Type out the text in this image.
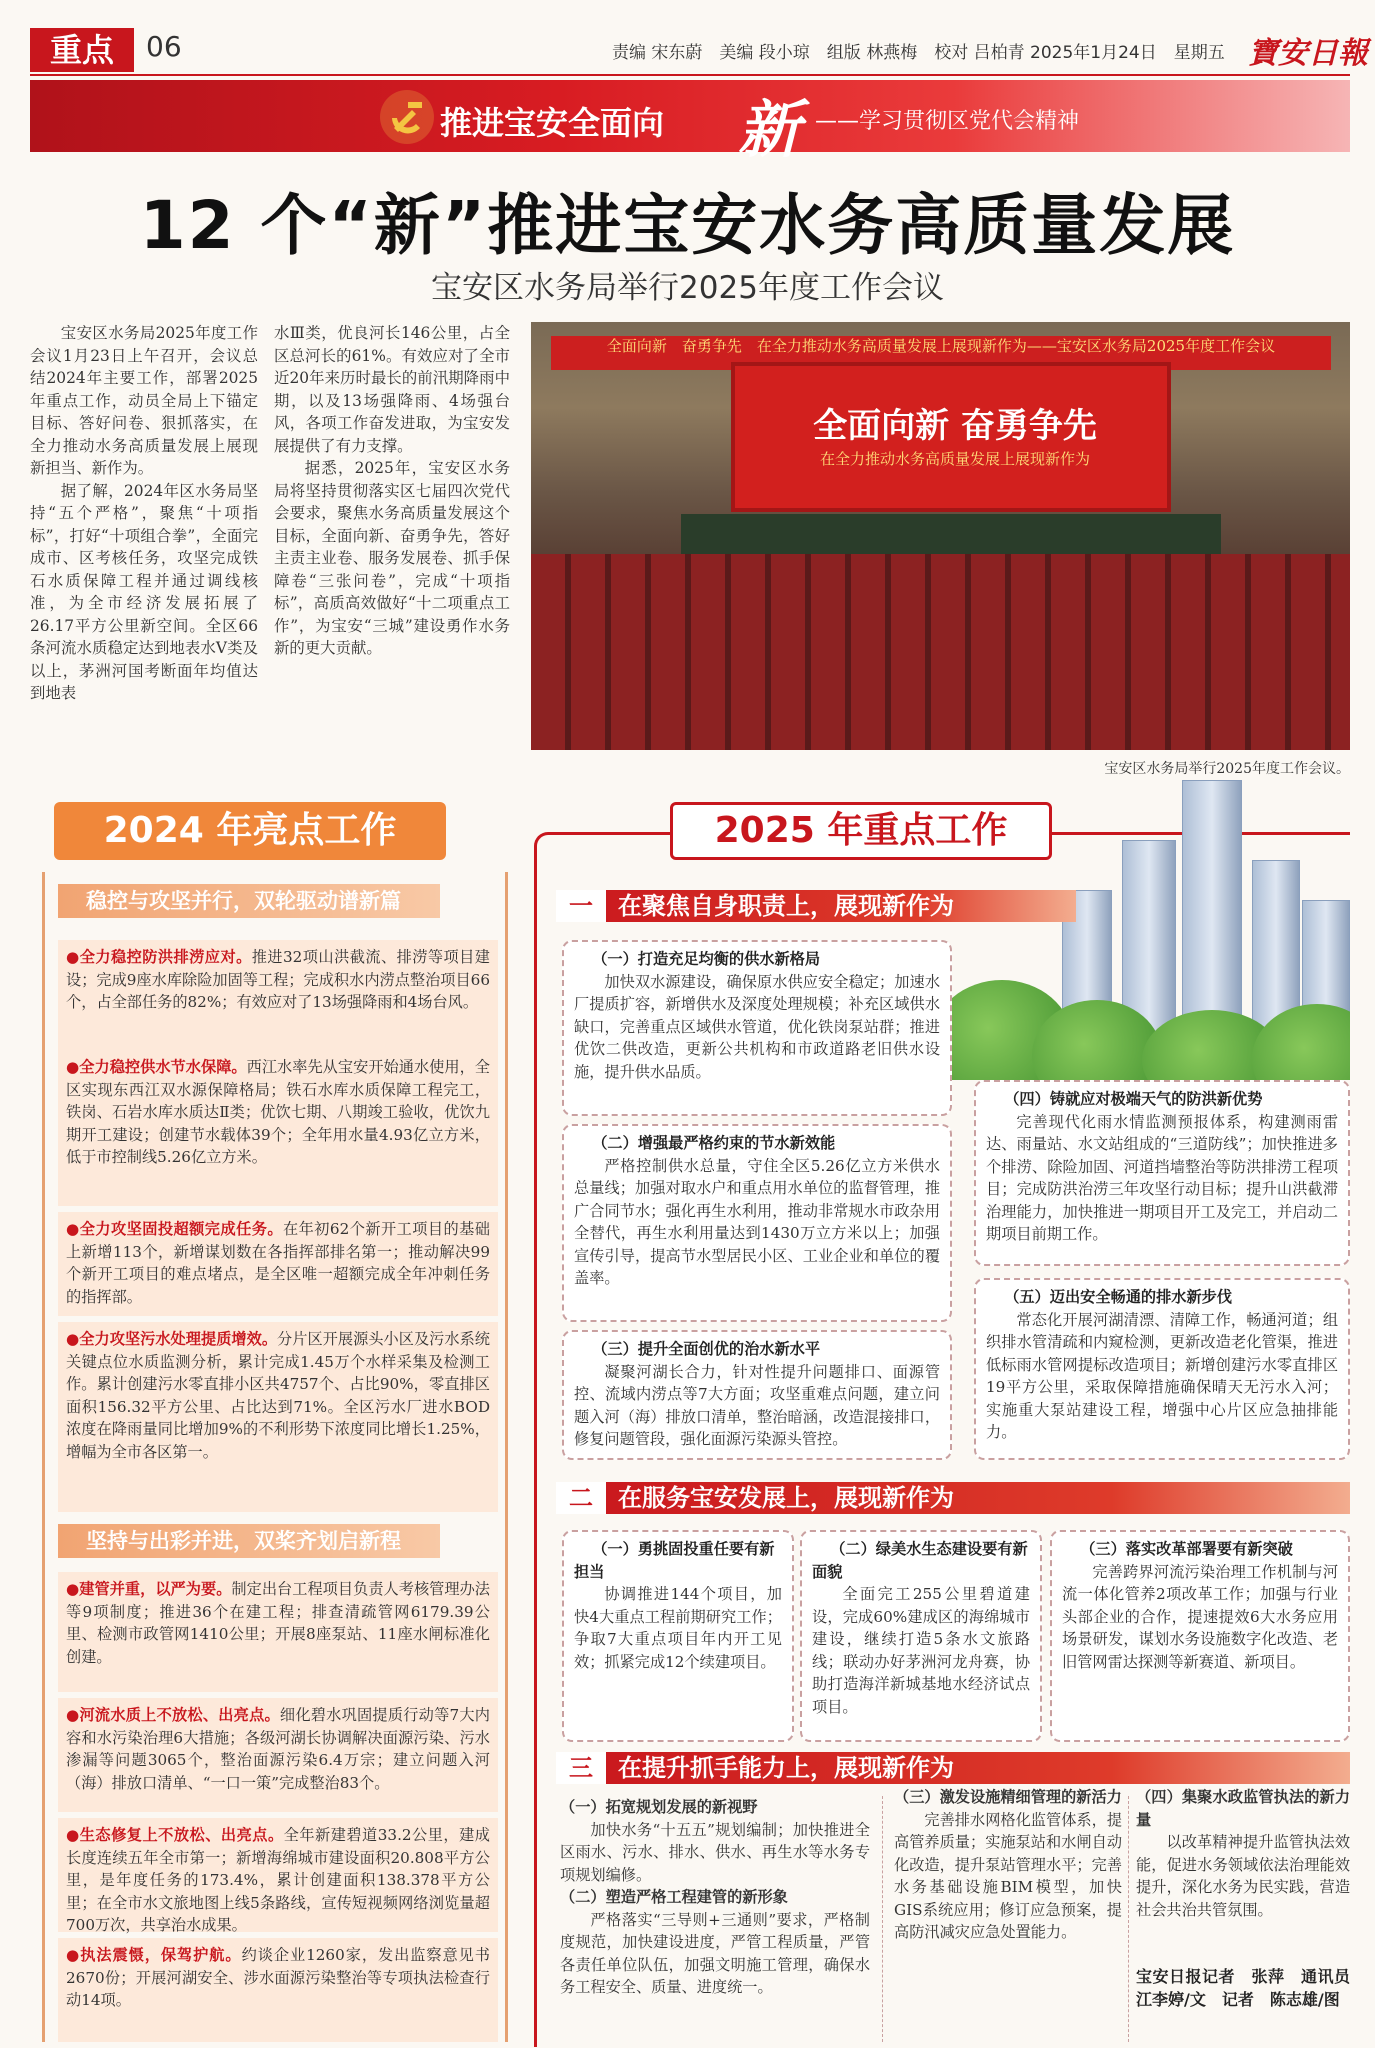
重点	06	责编 宋东蔚　美编 段小琼　组版 林燕梅　校对 吕柏青 2025年1月24日　星期五 寶安日報
推进宝安全面向 新 ——学习贯彻区党代会精神
12 个“新”推进宝安水务高质量发展
宝安区水务局举行2025年度工作会议

宝安区水务局2025年度工作会议1月23日上午召开，会议总结2024年主要工作，部署2025年重点工作，动员全局上下锚定目标、答好问卷、狠抓落实，在全力推动水务高质量发展上展现新担当、新作为。

据了解，2024年区水务局坚持“五个严格”，聚焦“十项指标”，打好“十项组合拳”，全面完成市、区考核任务，攻坚完成铁石水质保障工程并通过调线核准，为全市经济发展拓展了26.17平方公里新空间。全区66条河流水质稳定达到地表水V类及以上，茅洲河国考断面年均值达到地表

水Ⅲ类，优良河长146公里，占全区总河长的61%。有效应对了全市近20年来历时最长的前汛期降雨中期，以及13场强降雨、4场强台风，各项工作奋发进取，为宝安发展提供了有力支撑。

据悉，2025年，宝安区水务局将坚持贯彻落实区七届四次党代会要求，聚焦水务高质量发展这个目标，全面向新、奋勇争先，答好主责主业卷、服务发展卷、抓手保障卷“三张问卷”，完成“十项指标”，高质高效做好“十二项重点工作”，为宝安“三城”建设勇作水务新的更大贡献。

全面向新　奋勇争先　在全力推动水务高质量发展上展现新作为——宝安区水务局2025年度工作会议
全面向新 奋勇争先
在全力推动水务高质量发展上展现新作为
宝安区水务局举行2025年度工作会议。
2024 年亮点工作
稳控与攻坚并行，双轮驱动谱新篇
坚持与出彩并进，双桨齐划启新程
●全力稳控防洪排涝应对。推进32项山洪截流、排涝等项目建设；完成9座水库除险加固等工程；完成积水内涝点整治项目66个，占全部任务的82%；有效应对了13场强降雨和4场台风。
●全力稳控供水节水保障。西江水率先从宝安开始通水使用，全区实现东西江双水源保障格局；铁石水库水质保障工程完工，铁岗、石岩水库水质达Ⅱ类；优饮七期、八期竣工验收，优饮九期开工建设；创建节水载体39个；全年用水量4.93亿立方米，低于市控制线5.26亿立方米。
●全力攻坚固投超额完成任务。在年初62个新开工项目的基础上新增113个，新增谋划数在各指挥部排名第一；推动解决99个新开工项目的难点堵点，是全区唯一超额完成全年冲刺任务的指挥部。
●全力攻坚污水处理提质增效。分片区开展源头小区及污水系统关键点位水质监测分析，累计完成1.45万个水样采集及检测工作。累计创建污水零直排小区共4757个、占比90%，零直排区面积156.32平方公里、占比达到71%。全区污水厂进水BOD浓度在降雨量同比增加9%的不利形势下浓度同比增长1.25%，增幅为全市各区第一。
●建管并重，以严为要。制定出台工程项目负责人考核管理办法等9项制度；推进36个在建工程；排查清疏管网6179.39公里、检测市政管网1410公里；开展8座泵站、11座水闸标准化创建。
●河流水质上不放松、出亮点。细化碧水巩固提质行动等7大内容和水污染治理6大措施；各级河湖长协调解决面源污染、污水渗漏等问题3065个，整治面源污染6.4万宗；建立问题入河（海）排放口清单、“一口一策”完成整治83个。
●生态修复上不放松、出亮点。全年新建碧道33.2公里，建成长度连续五年全市第一；新增海绵城市建设面积20.808平方公里，是年度任务的173.4%，累计创建面积138.378平方公里；在全市水文旅地图上线5条路线，宣传短视频网络浏览量超700万次，共享治水成果。
●执法震慑，保驾护航。约谈企业1260家，发出监察意见书2670份；开展河湖安全、涉水面源污染整治等专项执法检查行动14项。
2025 年重点工作
一 在聚焦自身职责上，展现新作为
（一）打造充足均衡的供水新格局

加快双水源建设，确保原水供应安全稳定；加速水厂提质扩容，新增供水及深度处理规模；补充区域供水缺口，完善重点区域供水管道，优化铁岗泵站群；推进优饮二供改造，更新公共机构和市政道路老旧供水设施，提升供水品质。

（二）增强最严格约束的节水新效能

严格控制供水总量，守住全区5.26亿立方米供水总量线；加强对取水户和重点用水单位的监督管理，推广合同节水；强化再生水利用，推动非常规水市政杂用全替代，再生水利用量达到1430万立方米以上；加强宣传引导，提高节水型居民小区、工业企业和单位的覆盖率。

（三）提升全面创优的治水新水平

凝聚河湖长合力，针对性提升问题排口、面源管控、流域内涝点等7大方面；攻坚重难点问题，建立问题入河（海）排放口清单，整治暗涵，改造混接排口，修复问题管段，强化面源污染源头管控。

（四）铸就应对极端天气的防洪新优势

完善现代化雨水情监测预报体系，构建测雨雷达、雨量站、水文站组成的“三道防线”；加快推进多个排涝、除险加固、河道挡墙整治等防洪排涝工程项目；完成防洪治涝三年攻坚行动目标；提升山洪截滞治理能力，加快推进一期项目开工及完工，并启动二期项目前期工作。

（五）迈出安全畅通的排水新步伐

常态化开展河湖清漂、清障工作，畅通河道；组织排水管清疏和内窥检测，更新改造老化管渠，推进低标雨水管网提标改造项目；新增创建污水零直排区19平方公里，采取保障措施确保晴天无污水入河；实施重大泵站建设工程，增强中心片区应急抽排能力。

二 在服务宝安发展上，展现新作为
（一）勇挑固投重任要有新担当

协调推进144个项目，加快4大重点工程前期研究工作；争取7大重点项目年内开工见效；抓紧完成12个续建项目。

（二）绿美水生态建设要有新面貌

全面完工255公里碧道建设，完成60%建成区的海绵城市建设，继续打造5条水文旅路线；联动办好茅洲河龙舟赛，协助打造海洋新城基地水经济试点项目。

（三）落实改革部署要有新突破

完善跨界河流污染治理工作机制与河流一体化管养2项改革工作；加强与行业头部企业的合作，提速提效6大水务应用场景研发，谋划水务设施数字化改造、老旧管网雷达探测等新赛道、新项目。

三 在提升抓手能力上，展现新作为
（一）拓宽规划发展的新视野

加快水务“十五五”规划编制；加快推进全区雨水、污水、排水、供水、再生水等水务专项规划编修。

（二）塑造严格工程建管的新形象

严格落实“三导则+三通则”要求，严格制度规范，加快建设进度，严管工程质量，严管各责任单位队伍，加强文明施工管理，确保水务工程安全、质量、进度统一。

（三）激发设施精细管理的新活力

完善排水网格化监管体系，提高管养质量；实施泵站和水闸自动化改造，提升泵站管理水平；完善水务基础设施BIM模型，加快GIS系统应用；修订应急预案，提高防汛减灾应急处置能力。

（四）集聚水政监管执法的新力量

以改革精神提升监管执法效能，促进水务领域依法治理能效提升，深化水务为民实践，营造社会共治共管氛围。

宝安日报记者　张萍　通讯员　江李婷/文　记者　陈志雄/图
